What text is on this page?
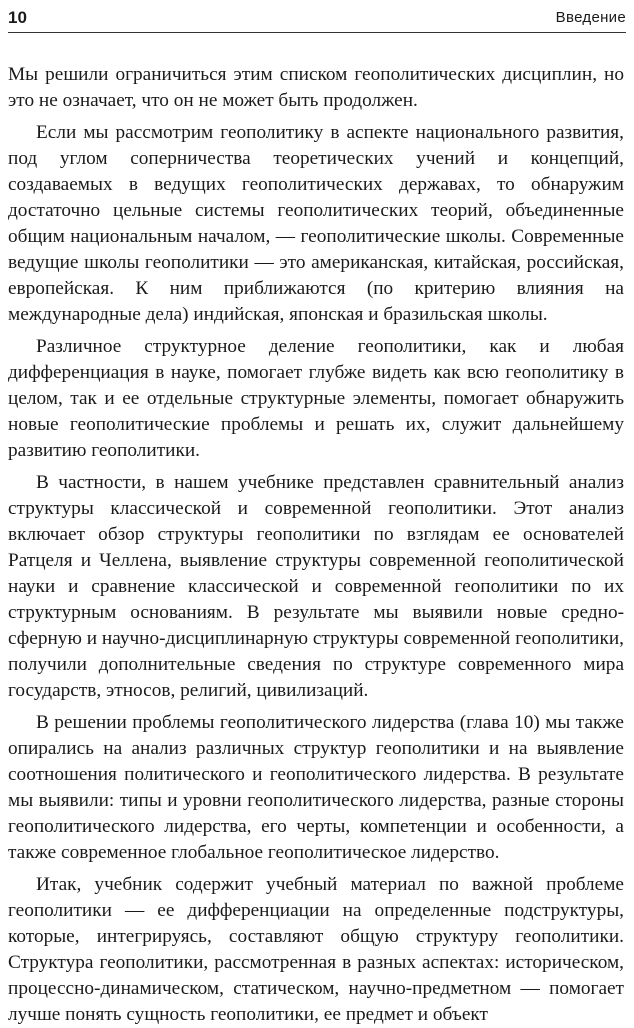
10	Введение

Мы решили ограничиться этим списком геополитических дисциплин, но это не означает, что он не может быть продолжен.

Если мы рассмотрим геополитику в аспекте национального развития, под углом соперничества теоретических учений и концепций, создаваемых в ведущих геополитических державах, то обнаружим достаточно цельные системы геополитических теорий, объединенные общим национальным началом, — геополитические школы. Современные ведущие школы геополитики — это американская, китайская, российская, европейская. К ним приближаются (по критерию влияния на международные дела) индийская, японская и бразильская школы.

Различное структурное деление геополитики, как и любая дифференциация в науке, помогает глубже видеть как всю геополитику в целом, так и ее отдельные структурные элементы, помогает обнаружить новые геополитические проблемы и решать их, служит дальнейшему развитию геополитики.

В частности, в нашем учебнике представлен сравнительный анализ структуры классической и современной геополитики. Этот анализ включает обзор структуры геополитики по взглядам ее основателей Ратцеля и Челлена, выявление структуры современной геополитической науки и сравнение классической и современной геополитики по их структурным основаниям. В результате мы выявили новые средно-сферную и научно-дисциплинарную структуры современной геополитики, получили дополнительные сведения по структуре современного мира государств, этносов, религий, цивилизаций.

В решении проблемы геополитического лидерства (глава 10) мы также опирались на анализ различных структур геополитики и на выявление соотношения политического и геополитического лидерства. В результате мы выявили: типы и уровни геополитического лидерства, разные стороны геополитического лидерства, его черты, компетенции и особенности, а также современное глобальное геополитическое лидерство.

Итак, учебник содержит учебный материал по важной проблеме геополитики — ее дифференциации на определенные подструктуры, которые, интегрируясь, составляют общую структуру геополитики. Структура геополитики, рассмотренная в разных аспектах: историческом, процессно-динамическом, статическом, научно-предметном — помогает лучше понять сущность геополитики, ее предмет и объект
